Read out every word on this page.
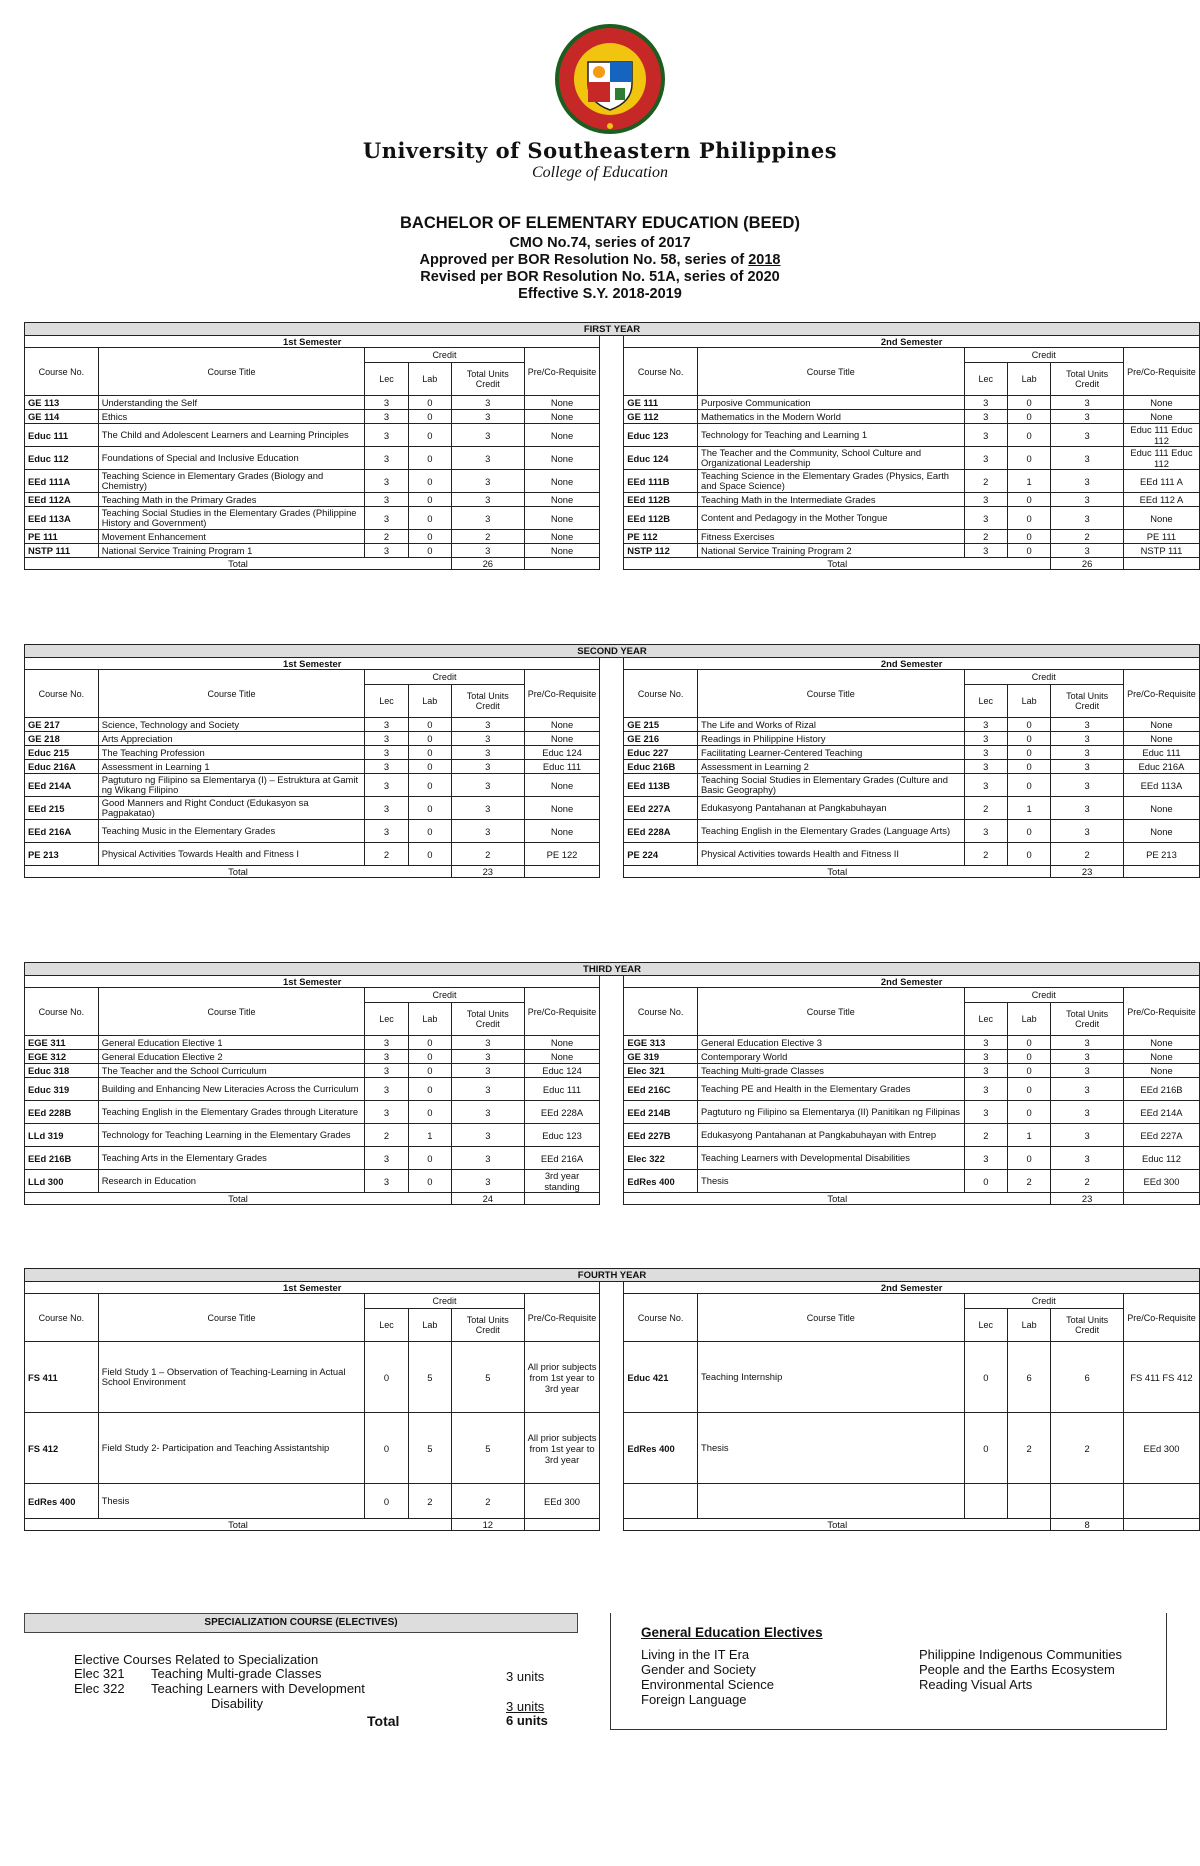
University of Southeastern Philippines
College of Education
BACHELOR OF ELEMENTARY EDUCATION (BEED)
CMO No.74, series of 2017
Approved per BOR Resolution No. 58, series of 2018
Revised per BOR Resolution No. 51A, series of 2020
Effective S.Y. 2018-2019
FIRST YEAR												
1st Semester							2nd Semester					
Course No.	Course Title	Credit			Pre/Co-Requisite		Course No.	Course Title	Credit			Pre/Co-Requisite
		Lec	Lab	Total Units Credit					Lec	Lab	Total Units Credit	
GE 113	Understanding the Self	3	0	3	None		GE 111	Purposive Communication	3	0	3	None
GE 114	Ethics	3	0	3	None		GE 112	Mathematics in the Modern World	3	0	3	None
Educ 111	The Child and Adolescent Learners and Learning Principles	3	0	3	None		Educ 123	Technology for Teaching and Learning 1	3	0	3	Educ 111 Educ 112
Educ 112	Foundations of Special and Inclusive Education	3	0	3	None		Educ 124	The Teacher and the Community, School Culture and Organizational Leadership	3	0	3	Educ 111 Educ 112
EEd 111A	Teaching Science in Elementary Grades (Biology and Chemistry)	3	0	3	None		EEd 111B	Teaching Science in the Elementary Grades (Physics, Earth and Space Science)	2	1	3	EEd 111 A
EEd 112A	Teaching Math in the Primary Grades	3	0	3	None		EEd 112B	Teaching Math in the Intermediate Grades	3	0	3	EEd 112 A
EEd 113A	Teaching Social Studies in the Elementary Grades (Philippine History and Government)	3	0	3	None		EEd 112B	Content and Pedagogy in the Mother Tongue	3	0	3	None
PE 111	Movement Enhancement	2	0	2	None		PE 112	Fitness Exercises	2	0	2	PE 111
NSTP 111	National Service Training Program 1	3	0	3	None		NSTP 112	National Service Training Program 2	3	0	3	NSTP 111
Total				26			Total				26	
SECOND YEAR												
1st Semester							2nd Semester					
Course No.	Course Title	Credit			Pre/Co-Requisite		Course No.	Course Title	Credit			Pre/Co-Requisite
		Lec	Lab	Total Units Credit					Lec	Lab	Total Units Credit	
GE 217	Science, Technology and Society	3	0	3	None		GE 215	The Life and Works of Rizal	3	0	3	None
GE 218	Arts Appreciation	3	0	3	None		GE 216	Readings in Philippine History	3	0	3	None
Educ 215	The Teaching Profession	3	0	3	Educ 124		Educ 227	Facilitating Learner-Centered Teaching	3	0	3	Educ 111
Educ 216A	Assessment in Learning 1	3	0	3	Educ 111		Educ 216B	Assessment in Learning 2	3	0	3	Educ 216A
EEd 214A	Pagtuturo ng Filipino sa Elementarya (I) – Estruktura at Gamit ng Wikang Filipino	3	0	3	None		EEd 113B	Teaching Social Studies in Elementary Grades (Culture and Basic Geography)	3	0	3	EEd 113A
EEd 215	Good Manners and Right Conduct (Edukasyon sa Pagpakatao)	3	0	3	None		EEd 227A	Edukasyong Pantahanan at Pangkabuhayan	2	1	3	None
EEd 216A	Teaching Music in the Elementary Grades	3	0	3	None		EEd 228A	Teaching English in the Elementary Grades (Language Arts)	3	0	3	None
PE 213	Physical Activities Towards Health and Fitness I	2	0	2	PE 122		PE 224	Physical Activities towards Health and Fitness II	2	0	2	PE 213
Total				23			Total				23	
THIRD YEAR												
1st Semester							2nd Semester					
Course No.	Course Title	Credit			Pre/Co-Requisite		Course No.	Course Title	Credit			Pre/Co-Requisite
		Lec	Lab	Total Units Credit					Lec	Lab	Total Units Credit	
EGE 311	General Education Elective 1	3	0	3	None		EGE 313	General Education Elective 3	3	0	3	None
EGE 312	General Education Elective 2	3	0	3	None		GE 319	Contemporary World	3	0	3	None
Educ 318	The Teacher and the School Curriculum	3	0	3	Educ 124		Elec 321	Teaching Multi-grade Classes	3	0	3	None
Educ 319	Building and Enhancing New Literacies Across the Curriculum	3	0	3	Educ 111		EEd 216C	Teaching PE and Health in the Elementary Grades	3	0	3	EEd 216B
EEd 228B	Teaching English in the Elementary Grades through Literature	3	0	3	EEd 228A		EEd 214B	Pagtuturo ng Filipino sa Elementarya (II) Panitikan ng Filipinas	3	0	3	EEd 214A
LLd 319	Technology for Teaching Learning in the Elementary Grades	2	1	3	Educ 123		EEd 227B	Edukasyong Pantahanan at Pangkabuhayan with Entrep	2	1	3	EEd 227A
EEd 216B	Teaching Arts in the Elementary Grades	3	0	3	EEd 216A		Elec 322	Teaching Learners with Developmental Disabilities	3	0	3	Educ 112
LLd 300	Research in Education	3	0	3	3rd year standing		EdRes 400	Thesis	0	2	2	EEd 300
Total				24			Total				23	
FOURTH YEAR												
1st Semester							2nd Semester					
Course No.	Course Title	Credit			Pre/Co-Requisite		Course No.	Course Title	Credit			Pre/Co-Requisite
		Lec	Lab	Total Units Credit					Lec	Lab	Total Units Credit	
FS 411	Field Study 1 – Observation of Teaching-Learning in Actual School Environment	0	5	5	All prior subjects from 1st year to 3rd year		Educ 421	Teaching Internship	0	6	6	FS 411 FS 412
FS 412	Field Study 2- Participation and Teaching Assistantship	0	5	5	All prior subjects from 1st year to 3rd year		EdRes 400	Thesis	0	2	2	EEd 300
EdRes 400	Thesis	0	2	2	EEd 300							
Total				12			Total				8	
SPECIALIZATION COURSE (ELECTIVES)
Elective Courses Related to Specialization
Elec 321 Teaching Multi-grade Classes	3 units
Elec 322 Teaching Learners with Development
Disability	3 units
Total	6 units
General Education Electives
Living in the IT Era
Gender and Society
Environmental Science
Foreign Language
Philippine Indigenous Communities
People and the Earths Ecosystem
Reading Visual Arts
